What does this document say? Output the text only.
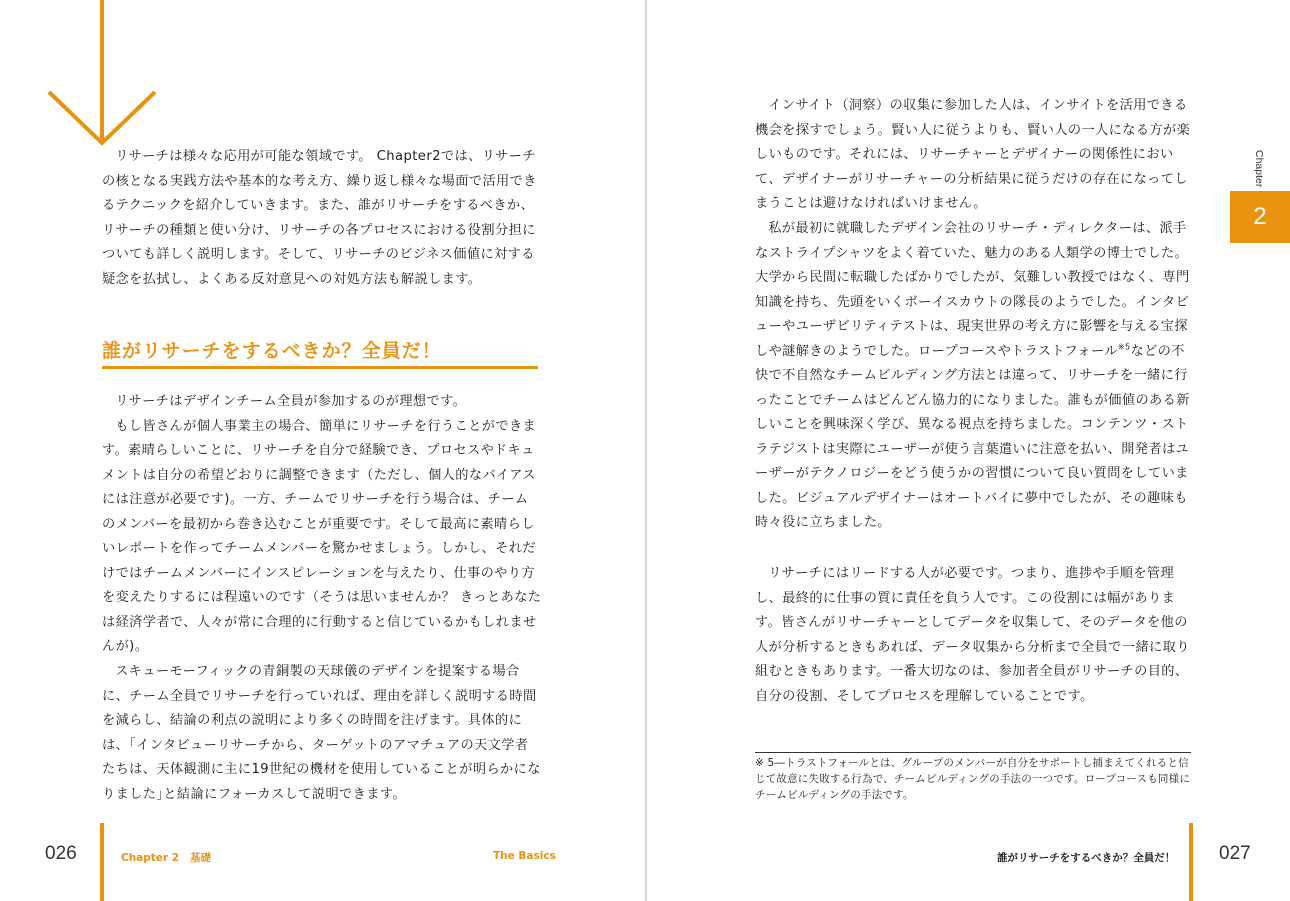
リサーチは様々な応用が可能な領域です。 Chapter2では、リサーチの核となる実践方法や基本的な考え方、繰り返し様々な場面で活用できるテクニックを紹介していきます。また、誰がリサーチをするべきか、リサーチの種類と使い分け、リサーチの各プロセスにおける役割分担についても詳しく説明します。そして、リサーチのビジネス価値に対する疑念を払拭し、よくある反対意見への対処方法も解説します。

誰がリサーチをするべきか？全員だ！

リサーチはデザインチーム全員が参加するのが理想です。

もし皆さんが個人事業主の場合、簡単にリサーチを行うことができます。素晴らしいことに、リサーチを自分で経験でき、プロセスやドキュメントは自分の希望どおりに調整できます（ただし、個人的なバイアスには注意が必要です)。一方、チームでリサーチを行う場合は、チームのメンバーを最初から巻き込むことが重要です。そして最高に素晴らしいレポートを作ってチームメンバーを驚かせましょう。しかし、それだけではチームメンバーにインスピレーションを与えたり、仕事のやり方を変えたりするには程遠いのです（そうは思いませんか？ きっとあなたは経済学者で、人々が常に合理的に行動すると信じているかもしれませんが)。

スキューモーフィックの青銅製の天球儀のデザインを提案する場合に、チーム全員でリサーチを行っていれば、理由を詳しく説明する時間を減らし、結論の利点の説明により多くの時間を注げます。具体的には、｢インタビューリサーチから、ターゲットのアマチュアの天文学者たちは、天体観測に主に19世紀の機材を使用していることが明らかになりました｣と結論にフォーカスして説明できます。

026	Chapter 2 基礎	The Basics

インサイト（洞察）の収集に参加した人は、インサイトを活用できる機会を探すでしょう。賢い人に従うよりも、賢い人の一人になる方が楽しいものです。それには、リサーチャーとデザイナーの関係性において、デザイナーがリサーチャーの分析結果に従うだけの存在になってしまうことは避けなければいけません。

私が最初に就職したデザイン会社のリサーチ・ディレクターは、派手なストライプシャツをよく着ていた、魅力のある人類学の博士でした。大学から民間に転職したばかりでしたが、気難しい教授ではなく、専門知識を持ち、先頭をいくボーイスカウトの隊長のようでした。インタビューやユーザビリティテストは、現実世界の考え方に影響を与える宝探しや謎解きのようでした。ロープコースやトラストフォール$^{※5}$などの不快で不自然なチームビルディング方法とは違って、リサーチを一緒に行ったことでチームはどんどん協力的になりました。誰もが価値のある新しいことを興味深く学び、異なる視点を持ちました。コンテンツ・ストラテジストは実際にユーザーが使う言葉遣いに注意を払い、開発者はユーザーがテクノロジーをどう使うかの習慣について良い質問をしていました。ビジュアルデザイナーはオートバイに夢中でしたが、その趣味も時々役に立ちました。

リサーチにはリードする人が必要です。つまり、進捗や手順を管理し、最終的に仕事の質に責任を負う人です。この役割には幅があります。皆さんがリサーチャーとしてデータを収集して、そのデータを他の人が分析するときもあれば、データ収集から分析まで全員で一緒に取り組むときもあります。一番大切なのは、参加者全員がリサーチの目的、自分の役割、そしてプロセスを理解していることです。

※ 5―トラストフォールとは、グループのメンバーが自分をサポートし捕まえてくれると信じて故意に失敗する行為で、チームビルディングの手法の一つです。ロープコースも同様にチームビルディングの手法です。
Chapter
2
誰がリサーチをするべきか？全員だ！ 027
